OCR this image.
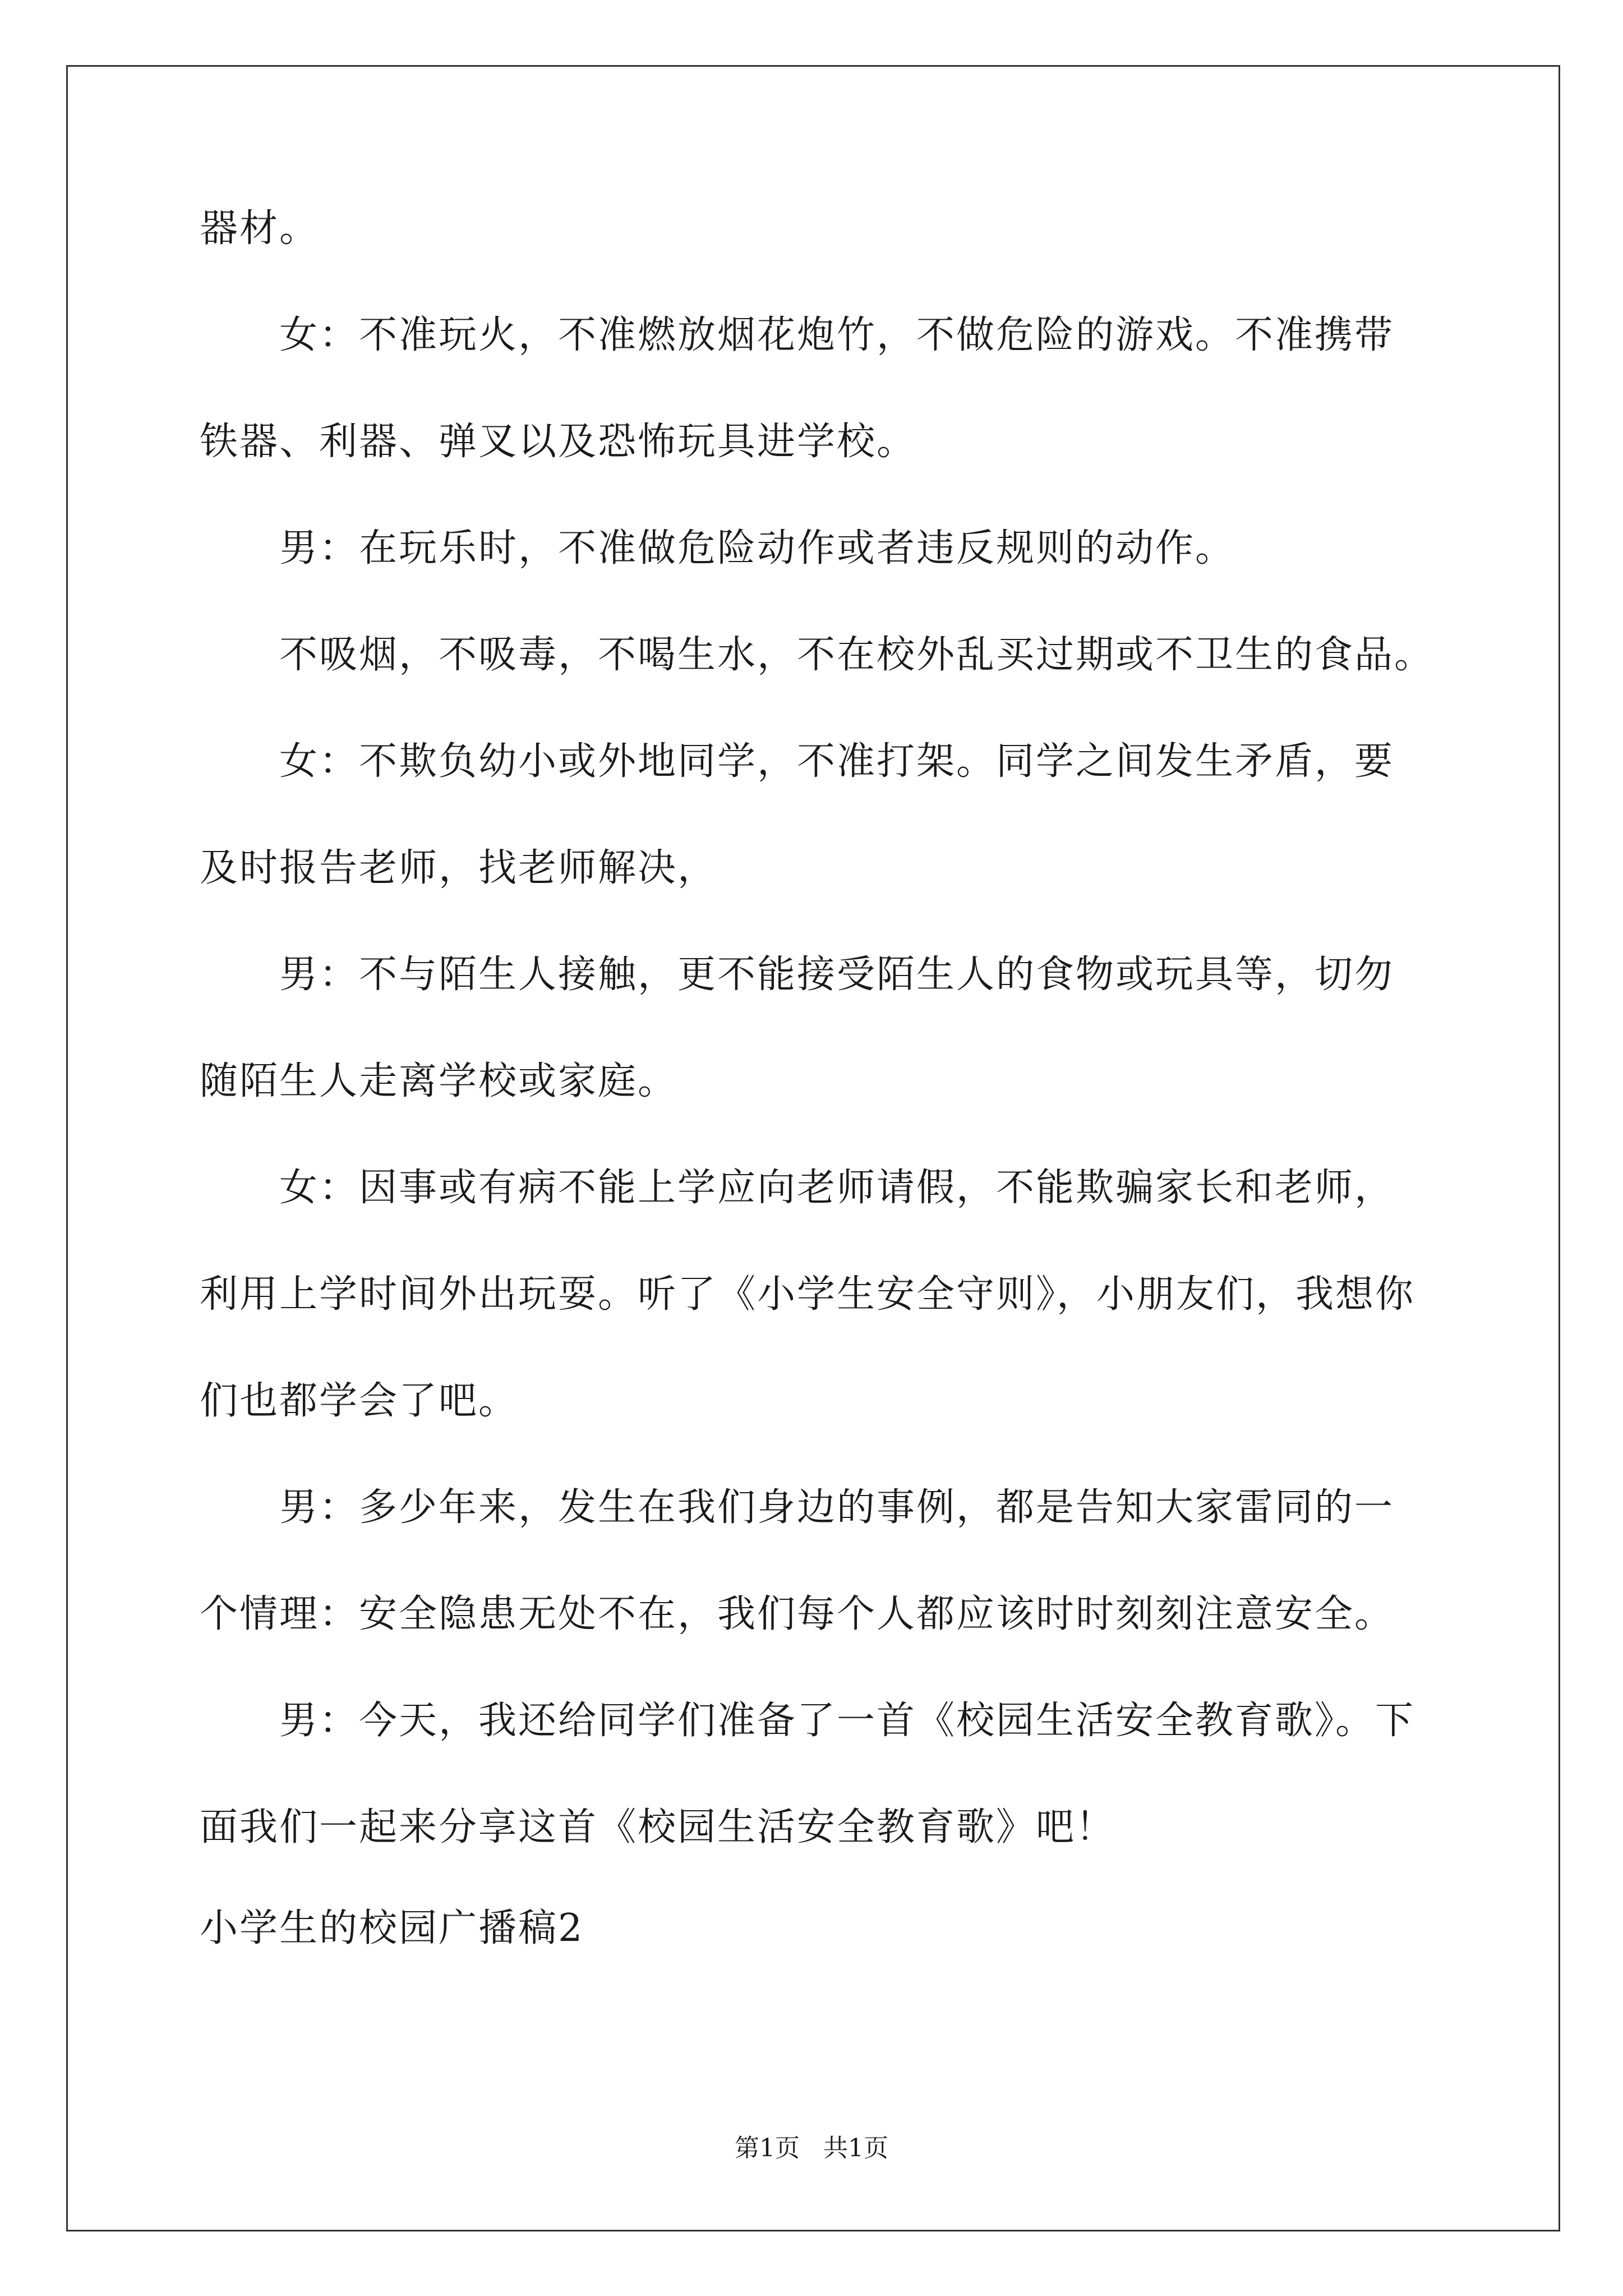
器材。
女：不准玩火，不准燃放烟花炮竹，不做危险的游戏。不准携带
铁器、利器、弹叉以及恐怖玩具进学校。
男：在玩乐时，不准做危险动作或者违反规则的动作。
不吸烟，不吸毒，不喝生水，不在校外乱买过期或不卫生的食品。
女：不欺负幼小或外地同学，不准打架。同学之间发生矛盾，要
及时报告老师，找老师解决，
男：不与陌生人接触，更不能接受陌生人的食物或玩具等，切勿
随陌生人走离学校或家庭。
女：因事或有病不能上学应向老师请假，不能欺骗家长和老师，
利用上学时间外出玩耍。听了《小学生安全守则》，小朋友们，我想你
们也都学会了吧。
男：多少年来，发生在我们身边的事例，都是告知大家雷同的一
个情理：安全隐患无处不在，我们每个人都应该时时刻刻注意安全。
男：今天，我还给同学们准备了一首《校园生活安全教育歌》。下
面我们一起来分享这首《校园生活安全教育歌》吧！
小学生的校园广播稿2
第1页   共1页
